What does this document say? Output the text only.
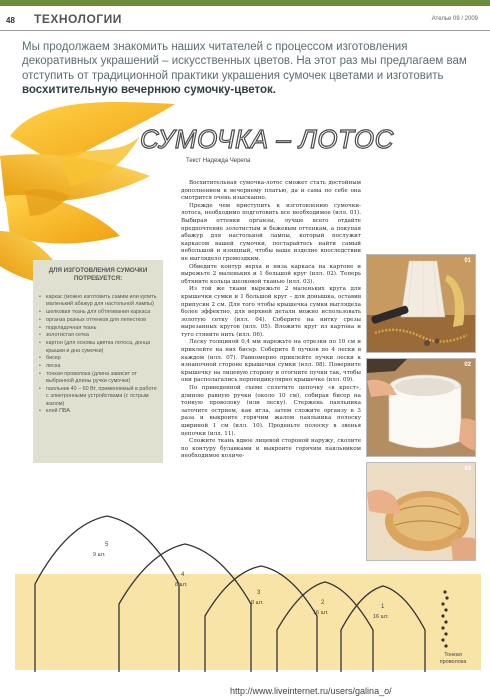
48 ТЕХНОЛОГИИ	Ателье 09 / 2009
Мы продолжаем знакомить наших читателей с процессом изготовления декоративных украшений – искусственных цветов. На этот раз мы предлагаем вам отступить от традиционной практики украшения сумочек цветами и изготовить восхитительную вечернюю сумочку-цветок.
СУМОЧКА – ЛОТОС
Текст Надежда Черепа

Восхитительная сумочка-лотос сможет стать достойным дополнением к вечернему платью, да и сама по себе она смотрится очень изысканно.

Прежде чем приступить к изготовлению сумочки-лотоса, необходимо подготовить все необходимое (илл. 01). Выбирая оттенки органзы, лучше всего отдайте предпочтение золотистым и бежевым оттенкам, а покупая абажур для настольной лампы, который послужит каркасом вашей сумочки, постарайтесь найти самый небольшой и изящный, чтобы ваше изделие впоследствии не выглядело громоздким.

Обведите контур верха и низа каркаса на картоне и вырежьте 2 маленьких и 1 большой круг (илл. 02). Теперь обтяните кольца шелковой тканью (илл. 03).

Из той же ткани вырежьте 2 маленьких круга для крышечки сумки и 1 большой круг – для донышка, оставив припуски 2 см. Для того чтобы крышечка сумки выглядела более эффектно, для верхней детали можно использовать золотую сетку (илл. 04). Соберите на нитку срезы вырезанных кругов (илл. 05). Вложите круг из картона и туго стяните нить (илл. 06).

Леску толщиной 0,4 мм нарежьте на отрезки по 10 см и приклейте на них бисер. Соберите 8 пучков по 4 лески в каждом (илл. 07). Равномерно приклейте пучки лески к изнаночной стороне крышечки сумки (илл. 08). Поверните крышечку на лицевую сторону и отогните пучки так, чтобы они располагались перпендикулярно крышечке (илл. 09).

По приведенной схеме сплетите цепочку «в крест», длиною равную ручки (около 10 см), собирая бисер на тонкую проволоку (или леску). Стержень паяльника заточите острием, как игла, затем сложите органзу в 3 раза и выкроите горячим жалом паяльника полоску шириной 1 см (илл. 10). Проденьте полоску в звенья цепочки (илл. 11).

Сложите ткань вдвое лицевой стороной наружу, сколите по контуру булавками и выкроите горячим паяльником необходимое количе-

ДЛЯ ИЗГОТОВЛЕНИЯ СУМОЧКИ ПОТРЕБУЕТСЯ:
• каркас (можно изготовить самим или купить маленький абажур для настольной лампы)
• шелковая ткань для обтягивания каркаса
• органза разных оттенков для лепестков
• подкладочная ткань
• золотистая сетка
• картон (для основы цветка лотоса, донца крышки и дна сумочки)
• бисер
• леска
• тонкая проволока (длина зависит от выбранной длины ручки сумочки)
• паяльник 40 – 60 Вт, применяемый в работе с электронными устройствами (с острым жалом)
• клей ПВА
01
02
03
5
9 шт.
4
8 шт.
3
8 шт.	2
16 шт.
1
16 шт.
Тонкая проволока
http://www.liveinternet.ru/users/galina_o/
